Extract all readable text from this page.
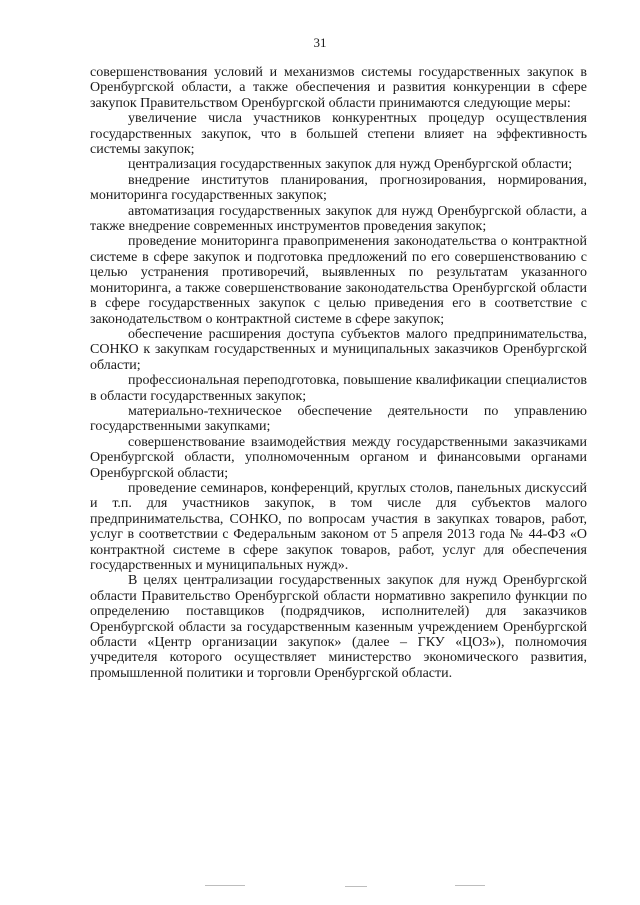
31

совершенствования условий и механизмов системы государственных закупок в Оренбургской области, а также обеспечения и развития конкуренции в сфере закупок Правительством Оренбургской области принимаются следующие меры:

увеличение числа участников конкурентных процедур осуществления государственных закупок, что в большей степени влияет на эффективность системы закупок;

централизация государственных закупок для нужд Оренбургской области;

внедрение институтов планирования, прогнозирования, нормирования, мониторинга государственных закупок;

автоматизация государственных закупок для нужд Оренбургской области, а также внедрение современных инструментов проведения закупок;

проведение мониторинга правоприменения законодательства о контрактной системе в сфере закупок и подготовка предложений по его совершенствованию с целью устранения противоречий, выявленных по результатам указанного мониторинга, а также совершенствование законодательства Оренбургской области в сфере государственных закупок с целью приведения его в соответствие с законодательством о контрактной системе в сфере закупок;

обеспечение расширения доступа субъектов малого предпринимательства, СОНКО к закупкам государственных и муниципальных заказчиков Оренбургской области;

профессиональная переподготовка, повышение квалификации специалистов в области государственных закупок;

материально-техническое обеспечение деятельности по управлению государственными закупками;

совершенствование взаимодействия между государственными заказчиками Оренбургской области, уполномоченным органом и финансовыми органами Оренбургской области;

проведение семинаров, конференций, круглых столов, панельных дискуссий и т.п. для участников закупок, в том числе для субъектов малого предпринимательства, СОНКО, по вопросам участия в закупках товаров, работ, услуг в соответствии с Федеральным законом от 5 апреля 2013 года № 44-ФЗ «О контрактной системе в сфере закупок товаров, работ, услуг для обеспечения государственных и муниципальных нужд».

В целях централизации государственных закупок для нужд Оренбургской области Правительство Оренбургской области нормативно закрепило функции по определению поставщиков (подрядчиков, исполнителей) для заказчиков Оренбургской области за государственным казенным учреждением Оренбургской области «Центр организации закупок» (далее – ГКУ «ЦОЗ»), полномочия учредителя которого осуществляет министерство экономического развития, промышленной политики и торговли Оренбургской области.
